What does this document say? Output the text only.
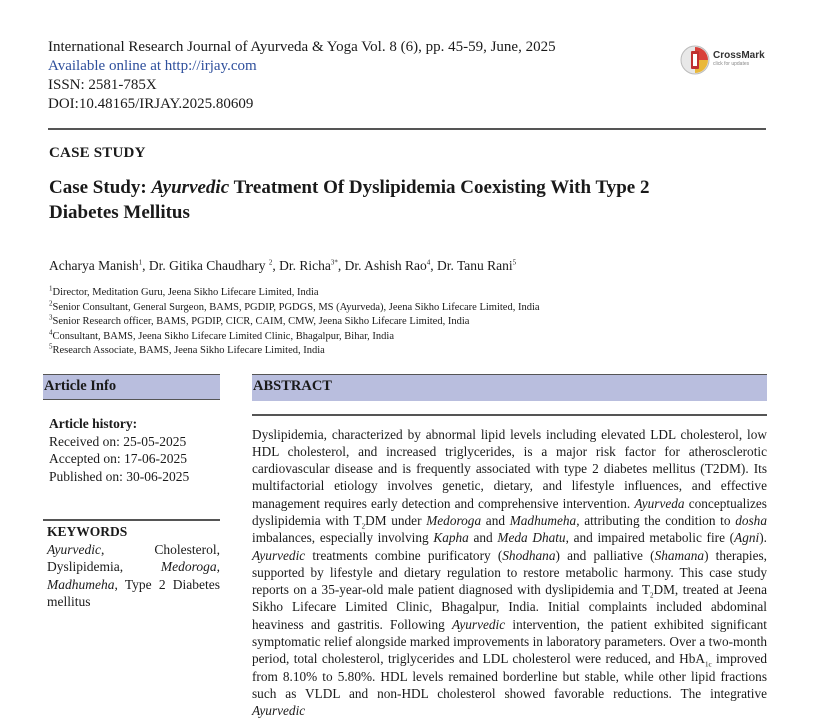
International Research Journal of Ayurveda & Yoga Vol. 8 (6), pp. 45-59, June, 2025
Available online at http://irjay.com
ISSN: 2581-785X
DOI:10.48165/IRJAY.2025.80609
CrossMark
click for updates
CASE STUDY
Case Study: Ayurvedic Treatment Of Dyslipidemia Coexisting With Type 2
Diabetes Mellitus
Acharya Manish$^1$, Dr. Gitika Chaudhary $^2$, Dr. Richa$^{3*}$, Dr. Ashish Rao$^4$, Dr. Tanu Rani$^5$
$^1$Director, Meditation Guru, Jeena Sikho Lifecare Limited, India
$^2$Senior Consultant, General Surgeon, BAMS, PGDIP, PGDGS, MS (Ayurveda), Jeena Sikho Lifecare Limited, India
$^3$Senior Research officer, BAMS, PGDIP, CICR, CAIM, CMW, Jeena Sikho Lifecare Limited, India
$^4$Consultant, BAMS, Jeena Sikho Lifecare Limited Clinic, Bhagalpur, Bihar, India
$^5$Research Associate, BAMS, Jeena Sikho Lifecare Limited, India
Article Info
Article history:
Received on: 25-05-2025
Accepted on: 17-06-2025
Published on: 30-06-2025
KEYWORDS
Ayurvedic, Cholesterol, Dyslipidemia, Medoroga, Madhumeha, Type 2 Diabetes mellitus
ABSTRACT
Dyslipidemia, characterized by abnormal lipid levels including elevated LDL cholesterol, low HDL cholesterol, and increased triglycerides, is a major risk factor for atherosclerotic cardiovascular disease and is frequently associated with type 2 diabetes mellitus (T2DM). Its multifactorial etiology involves genetic, dietary, and lifestyle influences, and effective management requires early detection and comprehensive intervention. Ayurveda conceptualizes dyslipidemia with $T_2DM$ under Medoroga and Madhumeha, attributing the condition to dosha imbalances, especially involving Kapha and Meda Dhatu, and impaired metabolic fire (Agni). Ayurvedic treatments combine purificatory (Shodhana) and palliative (Shamana) therapies, supported by lifestyle and dietary regulation to restore metabolic harmony. This case study reports on a 35-year-old male patient diagnosed with dyslipidemia and $T_2DM$, treated at Jeena Sikho Lifecare Limited Clinic, Bhagalpur, India. Initial complaints included abdominal heaviness and gastritis. Following Ayurvedic intervention, the patient exhibited significant symptomatic relief alongside marked improvements in laboratory parameters. Over a two-month period, total cholesterol, triglycerides and LDL cholesterol were reduced, and HbA$_{1c}$ improved from 8.10% to 5.80%. HDL levels remained borderline but stable, while other lipid fractions such as VLDL and non-HDL cholesterol showed favorable reductions. The integrative Ayurvedic
